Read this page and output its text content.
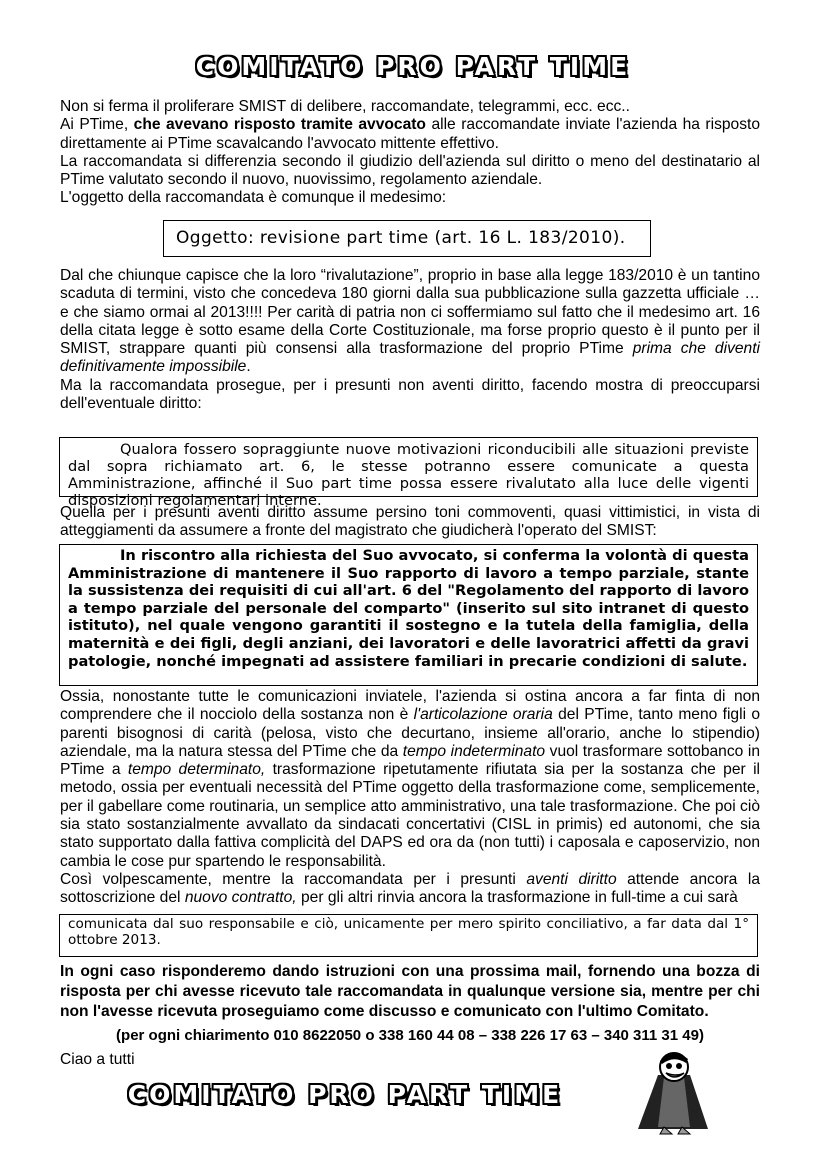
COMITATO PRO PART TIME

Non si ferma il proliferare SMIST di delibere, raccomandate, telegrammi, ecc. ecc..

Ai PTime, che avevano risposto tramite avvocato alle raccomandate inviate l'azienda ha risposto direttamente ai PTime scavalcando l'avvocato mittente effettivo.

La raccomandata si differenzia secondo il giudizio dell'azienda sul diritto o meno del destinatario al PTime valutato secondo il nuovo, nuovissimo, regolamento aziendale.

L'oggetto della raccomandata è comunque il medesimo:

Oggetto: revisione part time (art. 16 L. 183/2010).

Dal che chiunque capisce che la loro “rivalutazione”, proprio in base alla legge 183/2010 è un tantino scaduta di termini, visto che concedeva 180 giorni dalla sua pubblicazione sulla gazzetta ufficiale … e che siamo ormai al 2013!!!! Per carità di patria non ci soffermiamo sul fatto che il medesimo art. 16 della citata legge è sotto esame della Corte Costituzionale, ma forse proprio questo è il punto per il SMIST, strappare quanti più consensi alla trasformazione del proprio PTime prima che diventi definitivamente impossibile.

Ma la raccomandata prosegue, per i presunti non aventi diritto, facendo mostra di preoccuparsi dell'eventuale diritto:

Qualora fossero sopraggiunte nuove motivazioni riconducibili alle situazioni previste dal sopra richiamato art. 6, le stesse potranno essere comunicate a questa Amministrazione, affinché il Suo part time possa essere rivalutato alla luce delle vigenti disposizioni regolamentari interne.

Quella per i presunti aventi diritto assume persino toni commoventi, quasi vittimistici, in vista di atteggiamenti da assumere a fronte del magistrato che giudicherà l'operato del SMIST:

In riscontro alla richiesta del Suo avvocato, si conferma la volontà di questa Amministrazione di mantenere il Suo rapporto di lavoro a tempo parziale, stante la sussistenza dei requisiti di cui all'art. 6 del "Regolamento del rapporto di lavoro a tempo parziale del personale del comparto" (inserito sul sito intranet di questo istituto), nel quale vengono garantiti il sostegno e la tutela della famiglia, della maternità e dei figli, degli anziani, dei lavoratori e delle lavoratrici affetti da gravi patologie, nonché impegnati ad assistere familiari in precarie condizioni di salute.

Ossia, nonostante tutte le comunicazioni inviatele, l'azienda si ostina ancora a far finta di non comprendere che il nocciolo della sostanza non è l'articolazione oraria del PTime, tanto meno figli o parenti bisognosi di carità (pelosa, visto che decurtano, insieme all'orario, anche lo stipendio) aziendale, ma la natura stessa del PTime che da tempo indeterminato vuol trasformare sottobanco in PTime a tempo determinato, trasformazione ripetutamente rifiutata sia per la sostanza che per il metodo, ossia per eventuali necessità del PTime oggetto della trasformazione come, semplicemente, per il gabellare come routinaria, un semplice atto amministrativo, una tale trasformazione. Che poi ciò sia stato sostanzialmente avvallato da sindacati concertativi (CISL in primis) ed autonomi, che sia stato supportato dalla fattiva complicità del DAPS ed ora da (non tutti) i caposala e caposervizio, non cambia le cose pur spartendo le responsabilità.

Così volpescamente, mentre la raccomandata per i presunti aventi diritto attende ancora la sottoscrizione del nuovo contratto, per gli altri rinvia ancora la trasformazione in full-time a cui sarà

comunicata dal suo responsabile e ciò, unicamente per mero spirito conciliativo, a far data dal 1° ottobre 2013.

In ogni caso risponderemo dando istruzioni con una prossima mail, fornendo una bozza di risposta per chi avesse ricevuto tale raccomandata in qualunque versione sia, mentre per chi non l'avesse ricevuta proseguiamo come discusso e comunicato con l'ultimo Comitato.
(per ogni chiarimento 010 8622050 o 338 160 44 08 – 338 226 17 63 – 340 311 31 49)
Ciao a tutti
COMITATO PRO PART TIME
